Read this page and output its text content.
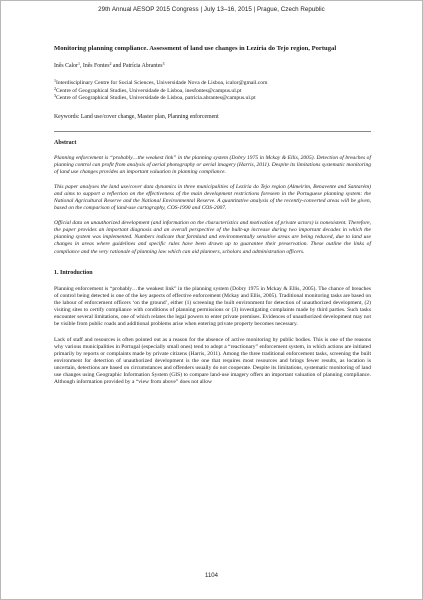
29th Annual AESOP 2015 Congress | July 13–16, 2015 | Prague, Czech Republic

Monitoring planning compliance. Assessment of land use changes in Lezíria do Tejo region, Portugal

Inês Calor$^1$, Inês Fontes$^2$ and Patrícia Abrantes$^3$
$^1$Interdisciplinary Centre for Social Sciences, Universidade Nova de Lisboa, icalor@gmail.com
$^2$Centre of Geographical Studies, Universidade de Lisboa, inesfontes@campus.ul.pt
$^3$Centre of Geographical Studies, Universidade de Lisboa, patricia.abrantes@campus.ul.pt
Keywords: Land use/cover change, Master plan, Planning enforcement
Abstract

Planning enforcement is “probably…the weakest link” in the planning system (Dobry 1975 in Mckay & Ellis, 2005). Detection of breaches of planning control can profit from analysis of aerial photography or aerial imagery (Harris, 2011). Despite its limitations systematic monitoring of land use changes provides an important valuation in planning compliance.

This paper analyses the land use/cover data dynamics in three municipalities of Lezíria do Tejo region (Almeirim, Benavente and Santarém) and aims to support a reflection on the effectiveness of the main development restrictions foreseen in the Portuguese planning system: the National Agricultural Reserve and the National Environmental Reserve. A quantitative analysis of the recently-converted areas will be given, based on the comparison of land-use cartography, COS-1990 and COS-2007.

Official data on unauthorized development (and information on the characteristics and motivation of private actors) is nonexistent. Therefore, the paper provides an important diagnosis and an overall perspective of the built-up increase during two important decades in which the planning system was implemented. Numbers indicate that farmland and environmentally sensitive areas are being reduced, due to land use changes in areas where guidelines and specific rules have been drawn up to guarantee their preservation. These outline the links of compliance and the very rationale of planning law which can aid planners, scholars and administration officers.

1. Introduction

Planning enforcement is “probably…the weakest link” in the planning system (Dobry 1975 in Mckay & Ellis, 2005). The chance of breaches of control being detected is one of the key aspects of effective enforcement (Mckay and Ellis, 2005). Traditional monitoring tasks are based on the labour of enforcement officers ‘on the ground’, either (1) screening the built environment for detection of unauthorized development, (2) visiting sites to certify compliance with conditions of planning permissions or (3) investigating complaints made by third parties. Such tasks encounter several limitations, one of which relates the legal powers to enter private premises. Evidences of unauthorized development may not be visible from public roads and additional problems arise when entering private property becomes necessary.

Lack of staff and resources is often pointed out as a reason for the absence of active monitoring by public bodies. This is one of the reasons why various municipalities in Portugal (especially small ones) tend to adopt a “reactionary” enforcement system, in which actions are initiated primarily by reports or complaints made by private citizens (Harris, 2011). Among the three traditional enforcement tasks, screening the built environment for detection of unauthorized development is the one that requires most resources and brings fewer results, as location is uncertain, detections are based on circumstances and offenders usually do not cooperate. Despite its limitations, systematic monitoring of land use changes using Geographic Information System (GIS) to compare land-use imagery offers an important valuation of planning compliance. Although information provided by a “view from above” does not allow

1104
